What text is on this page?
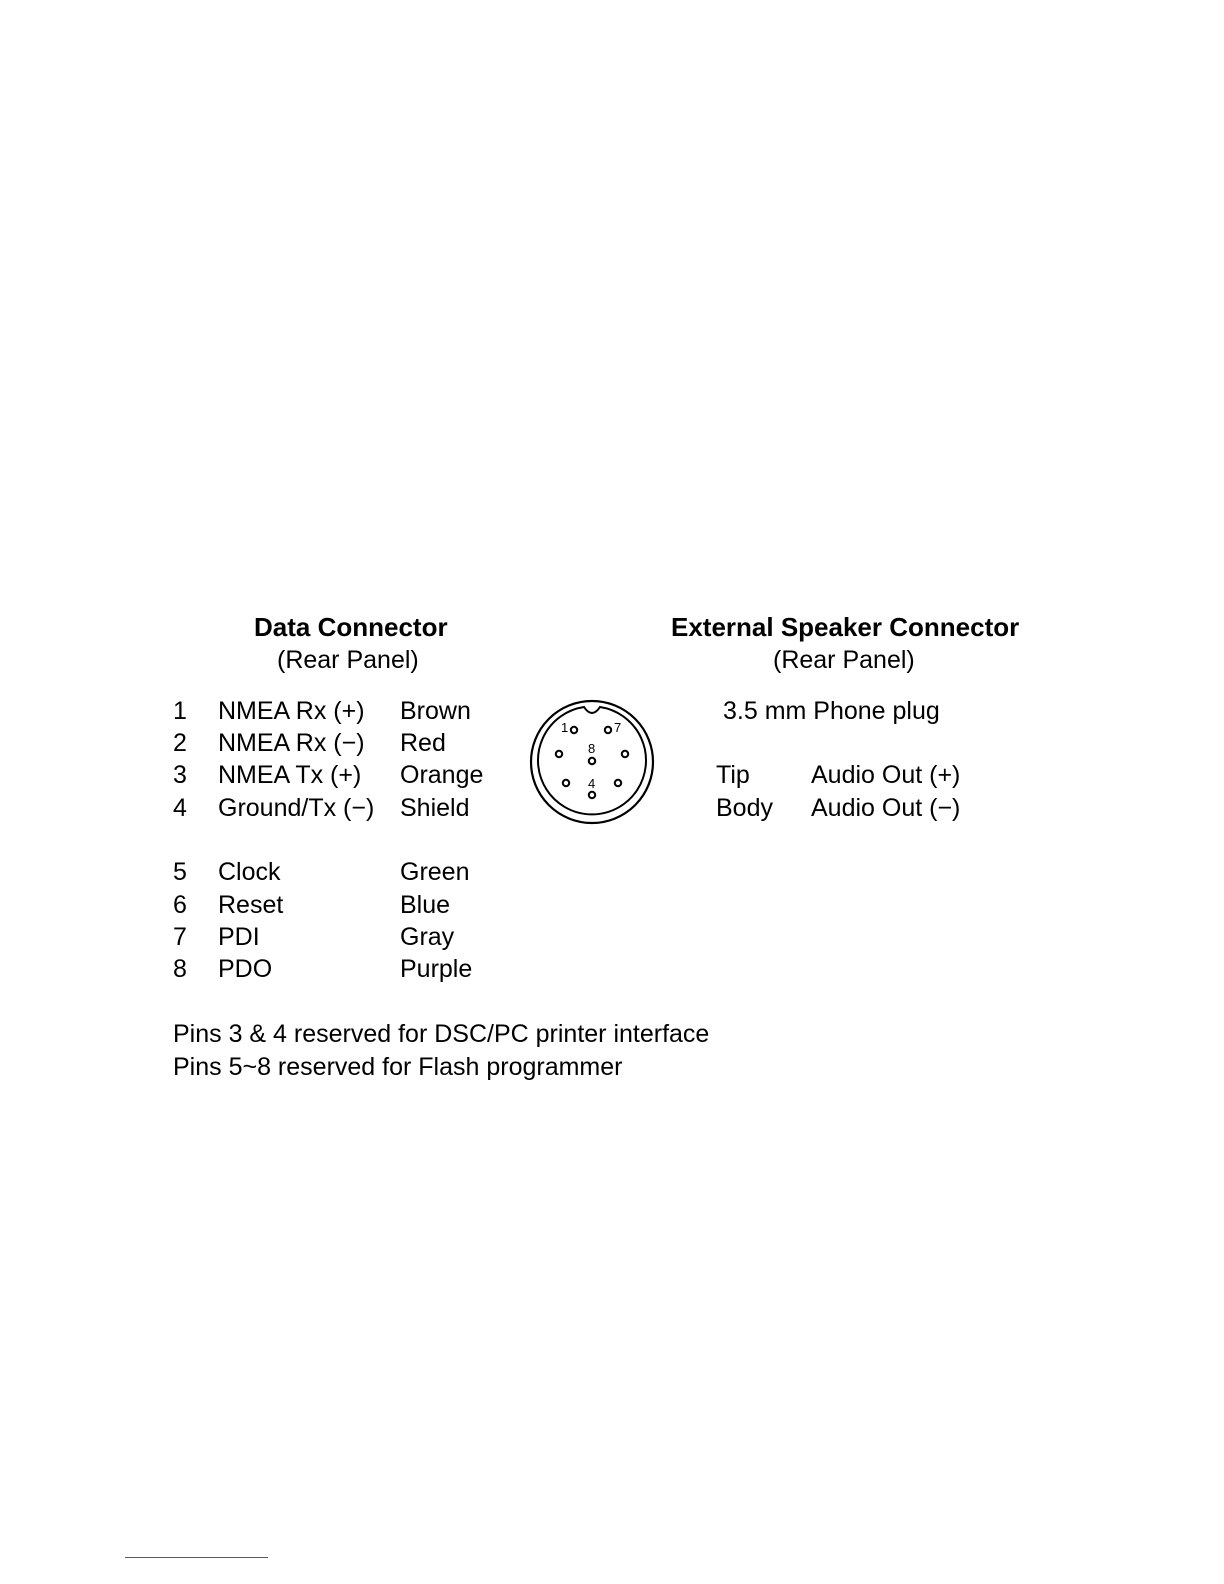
Data Connector
(Rear Panel)
External Speaker Connector
(Rear Panel)
1 NMEA Rx (+) Brown
2 NMEA Rx (−) Red
3 NMEA Tx (+) Orange
4 Ground/Tx (−) Shield
5 Clock	Green
6 Reset	Blue
7 PDI	Gray
8 PDO	Purple
1	7
8
4
3.5 mm Phone plug
Tip Audio Out (+)
Body Audio Out (−)
Pins 3 & 4 reserved for DSC/PC printer interface
Pins 5~8 reserved for Flash programmer
